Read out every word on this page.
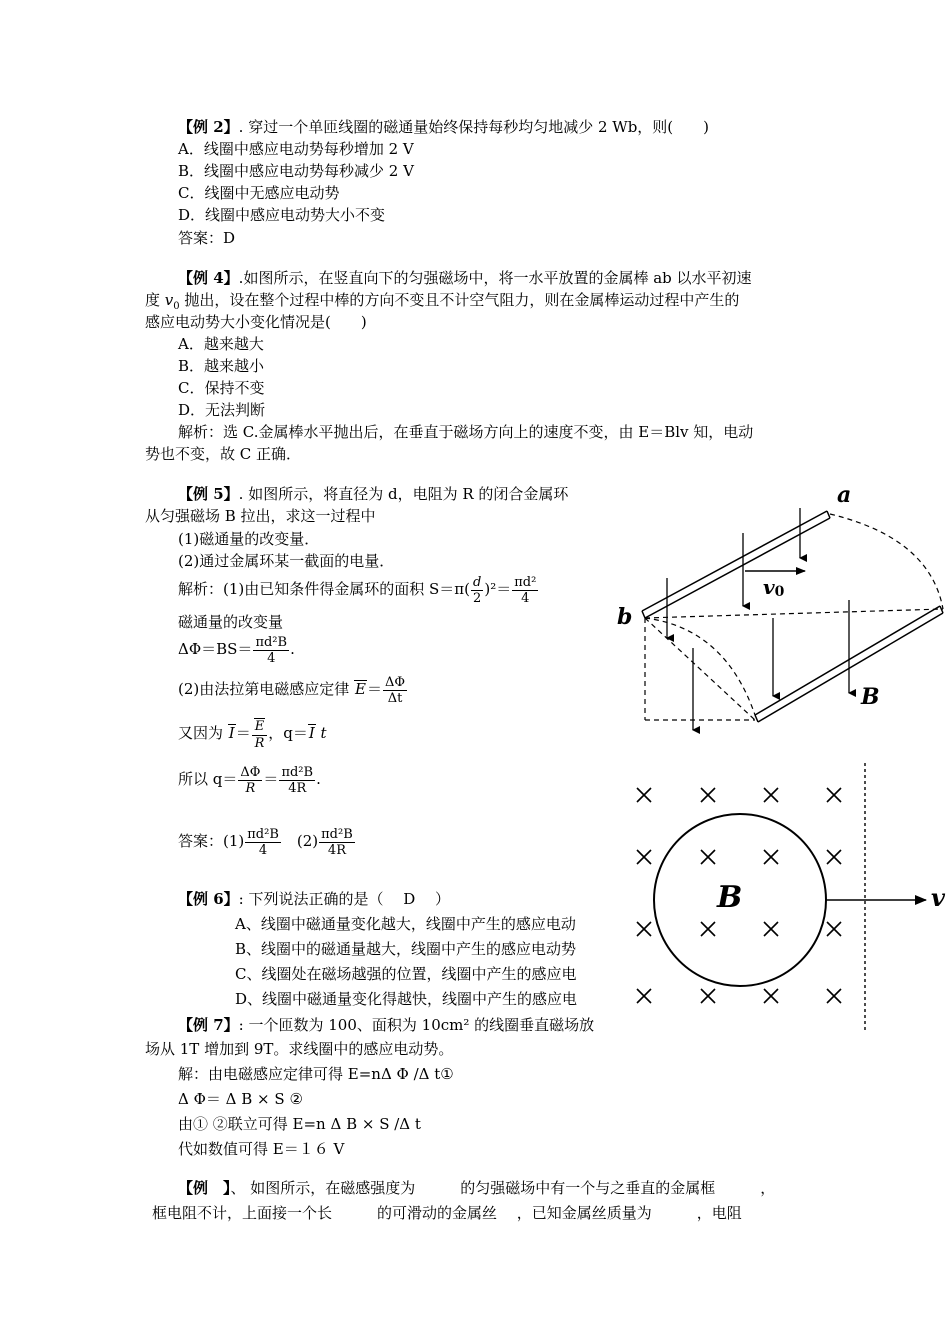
【例 2】. 穿过一个单匝线圈的磁通量始终保持每秒均匀地减少 2 Wb，则(　　)
A．线圈中感应电动势每秒增加 2 V
B．线圈中感应电动势每秒减少 2 V
C．线圈中无感应电动势
D．线圈中感应电动势大小不变
答案：D
【例 4】.如图所示，在竖直向下的匀强磁场中，将一水平放置的金属棒 ab 以水平初速
度 $v_0$ 抛出，设在整个过程中棒的方向不变且不计空气阻力，则在金属棒运动过程中产生的
感应电动势大小变化情况是(　　)
A．越来越大
B．越来越小
C．保持不变
D．无法判断
解析：选 C.金属棒水平抛出后，在垂直于磁场方向上的速度不变，由 E＝Blv 知，电动
势也不变，故 C 正确．
【例 5】. 如图所示，将直径为 d，电阻为 R 的闭合金属环
从匀强磁场 B 拉出，求这一过程中
(1)磁通量的改变量．
(2)通过金属环某一截面的电量．
解析：(1)由已知条件得金属环的面积 $S=\pi( \frac{d}{2} )^2= \frac{\text{πd²}}{4}$
磁通量的改变量
$\Delta\Phi=BS= \frac{\text{πd²B}}{4}$ .
(2)由法拉第电磁感应定律 $E= \frac{\Delta\Phi}{\Delta t}$
又因为 $I= \frac{E}{R}$ ，q＝I t
所以 $q= \frac{\Delta\Phi}{R} = \frac{\text{πd²B}}{4R}$ .
答案：$(1) \frac{\text{πd²B}}{4}$ 　$(2) \frac{\text{πd²B}}{4R}$
【例 6】: 下列说法正确的是（　 D　 ）
A、线圈中磁通量变化越大，线圈中产生的感应电动
B、线圈中的磁通量越大，线圈中产生的感应电动势
C、线圈处在磁场越强的位置，线圈中产生的感应电
D、线圈中磁通量变化得越快，线圈中产生的感应电
【例 7】: 一个匝数为 100、面积为 10cm² 的线圈垂直磁场放
场从 1T 增加到 9T。求线圈中的感应电动势。
解：由电磁感应定律可得 E=nΔ Φ /Δ t①
Δ Φ＝ Δ B × S ②
由① ②联立可得 E=n Δ B × S /Δ t
代如数值可得 E＝１６ V
【例　】、 如图所示，在磁感强度为　　　的匀强磁场中有一个与之垂直的金属框　　　，
框电阻不计，上面接一个长　　　的可滑动的金属丝　 ，已知金属丝质量为　　　，电阻
a
b
v0
B
B	v
